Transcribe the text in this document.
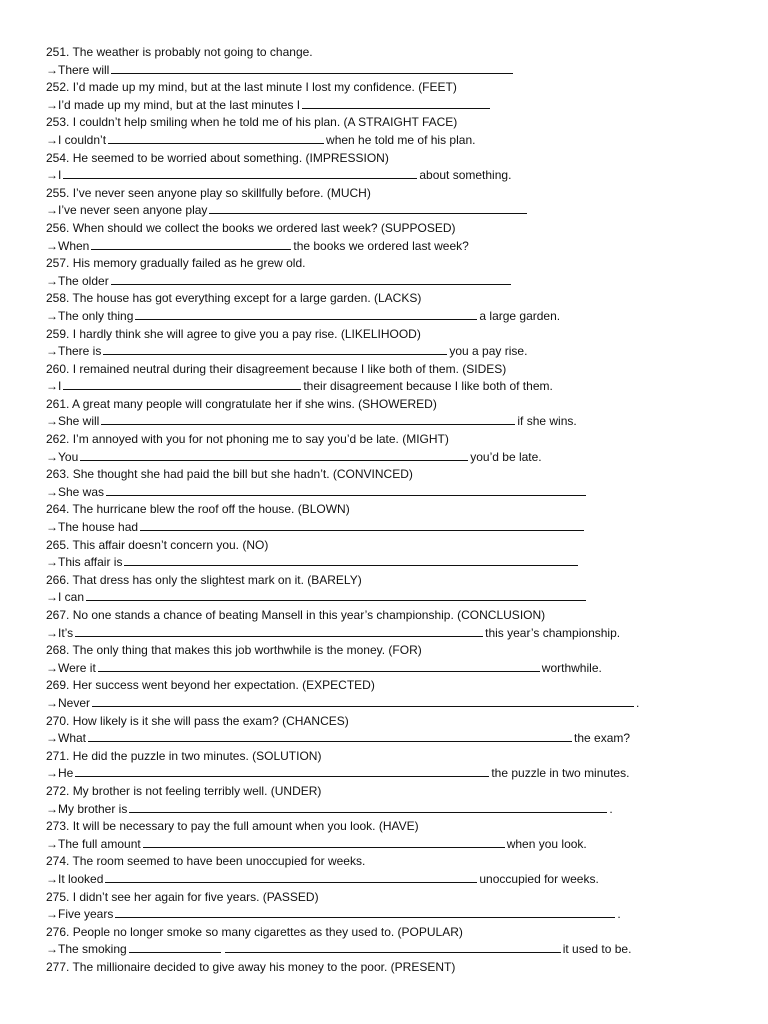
251. The weather is probably not going to change.
→There will
252. I’d made up my mind, but at the last minute I lost my confidence. (FEET)
→I’d made up my mind, but at the last minutes I
253. I couldn’t help smiling when he told me of his plan. (A STRAIGHT FACE)
→I couldn’t	when he told me of his plan.
254. He seemed to be worried about something. (IMPRESSION)
→I	about something.
255. I’ve never seen anyone play so skillfully before. (MUCH)
→I’ve never seen anyone play
256. When should we collect the books we ordered last week? (SUPPOSED)
→When	the books we ordered last week?
257. His memory gradually failed as he grew old.
→The older
258. The house has got everything except for a large garden. (LACKS)
→The only thing	a large garden.
259. I hardly think she will agree to give you a pay rise. (LIKELIHOOD)
→There is	you a pay rise.
260. I remained neutral during their disagreement because I like both of them. (SIDES)
→I	their disagreement because I like both of them.
261. A great many people will congratulate her if she wins. (SHOWERED)
→She will	if she wins.
262. I’m annoyed with you for not phoning me to say you’d be late. (MIGHT)
→You	you’d be late.
263. She thought she had paid the bill but she hadn’t. (CONVINCED)
→She was
264. The hurricane blew the roof off the house. (BLOWN)
→The house had
265. This affair doesn’t concern you. (NO)
→This affair is
266. That dress has only the slightest mark on it. (BARELY)
→I can
267. No one stands a chance of beating Mansell in this year’s championship. (CONCLUSION)
→It’s	this year’s championship.
268. The only thing that makes this job worthwhile is the money. (FOR)
→Were it	worthwhile.
269. Her success went beyond her expectation. (EXPECTED)
→Never	.
270. How likely is it she will pass the exam? (CHANCES)
→What	the exam?
271. He did the puzzle in two minutes. (SOLUTION)
→He	the puzzle in two minutes.
272. My brother is not feeling terribly well. (UNDER)
→My brother is	.
273. It will be necessary to pay the full amount when you look. (HAVE)
→The full amount	when you look.
274. The room seemed to have been unoccupied for weeks.
→It looked	unoccupied for weeks.
275. I didn’t see her again for five years. (PASSED)
→Five years	.
276. People no longer smoke so many cigarettes as they used to. (POPULAR)
→The smoking	it used to be.
277. The millionaire decided to give away his money to the poor. (PRESENT)
